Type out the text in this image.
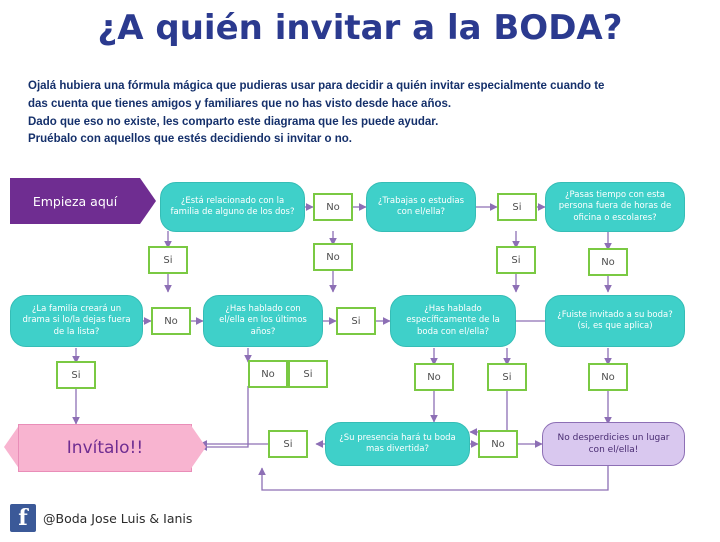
¿A quién invitar a la BODA?

Ojalá hubiera una fórmula mágica que pudieras usar para decidir a quién invitar especialmente cuando te

das cuenta que tienes amigos y familiares que no has visto desde hace años.

Dado que eso no existe, les comparto este diagrama que les puede ayudar.

Pruébalo con aquellos que estés decidiendo si invitar o no.

Empieza aquí	¿Está relacionado con la familia de alguno de los dos?
¿Trabajas o estudias con el/ella?
¿Pasas tiempo con esta persona fuera de horas de oficina o escolares?
¿La familia creará un drama si lo/la dejas fuera de la lista?
¿Has hablado con el/ella en los últimos años?
¿Has hablado específicamente de la boda con el/ella?
¿Fuiste invitado a su boda? (si, es que aplica)
¿Su presencia hará tu boda mas divertida?
No desperdicies un lugar con el/ella!
No	Si
Si	No	Si	No
No	Si
Si	No	No	Si
Si	No
No
Si
Invítalo!!
f	@Boda Jose Luis & Ianis
